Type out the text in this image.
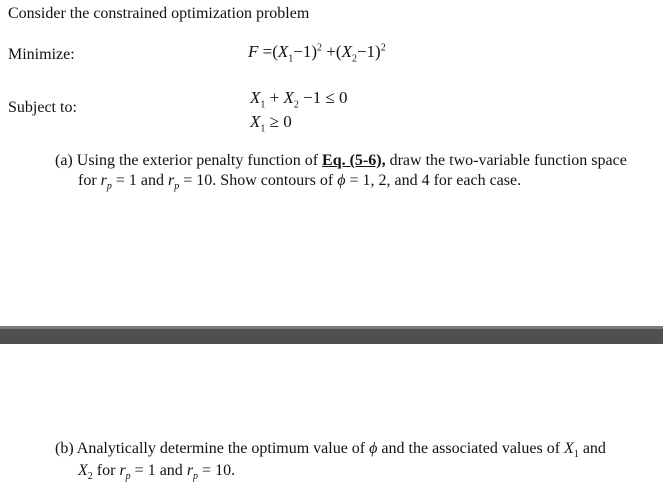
Consider the constrained optimization problem
Minimize:	$F =(X_1-1)^2 +(X_2-1)^2$
Subject to:
$X_1 + X_2 -1 \le 0$
$X_1 \ge 0$
(a) Using the exterior penalty function of Eq. (5-6), draw the two-variable function space
for $r_p = 1$ and $r_p = 10$. Show contours of ϕ = 1, 2, and 4 for each case.
(b) Analytically determine the optimum value of ϕ and the associated values of $X_1$ and
$X_2$ for $r_p = 1$ and $r_p = 10$.
